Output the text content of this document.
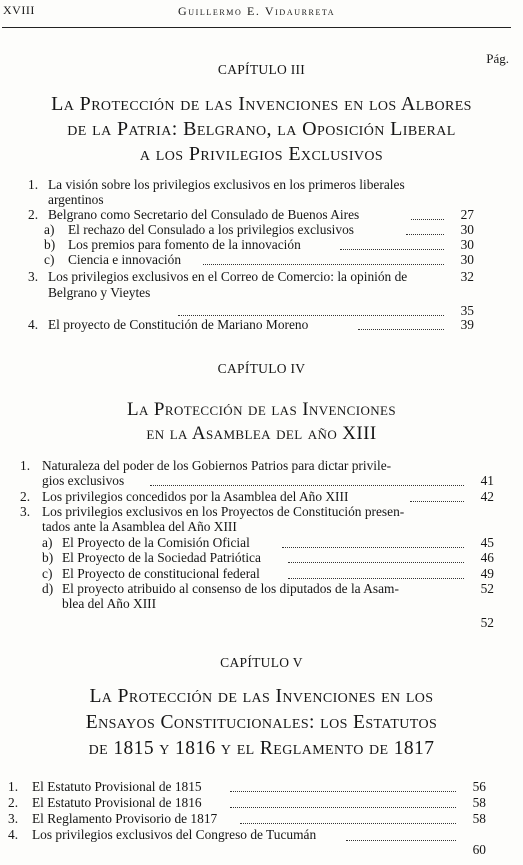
XVIII	Guillermo E. Vidaurreta
Pág.
CAPÍTULO III
La Protección de las Invenciones en los Albores
de la Patria: Belgrano, la Oposición Liberal
a los Privilegios Exclusivos
1. La visión sobre los privilegios exclusivos en los primeros liberales
argentinos
2. Belgrano como Secretario del Consulado de Buenos Aires	27
a) El rechazo del Consulado a los privilegios exclusivos	30
b) Los premios para fomento de la innovación	30
c) Ciencia e innovación	30
3. Los privilegios exclusivos en el Correo de Comercio: la opinión de	32
Belgrano y Vieytes
35
4. El proyecto de Constitución de Mariano Moreno	39
CAPÍTULO IV
La Protección de las Invenciones
en la Asamblea del año XIII
1. Naturaleza del poder de los Gobiernos Patrios para dictar privile-
gios exclusivos	41
2. Los privilegios concedidos por la Asamblea del Año XIII	42
3. Los privilegios exclusivos en los Proyectos de Constitución presen-
tados ante la Asamblea del Año XIII
a) El Proyecto de la Comisión Oficial	45
b) El Proyecto de la Sociedad Patriótica	46
c) El Proyecto de constitucional federal	49
d) El proyecto atribuido al consenso de los diputados de la Asam-	52
blea del Año XIII
52
CAPÍTULO V
La Protección de las Invenciones en los
Ensayos Constitucionales: los Estatutos
de 1815 y 1816 y el Reglamento de 1817
1. El Estatuto Provisional de 1815	56
2. El Estatuto Provisional de 1816	58
3. El Reglamento Provisorio de 1817	58
4. Los privilegios exclusivos del Congreso de Tucumán
60
